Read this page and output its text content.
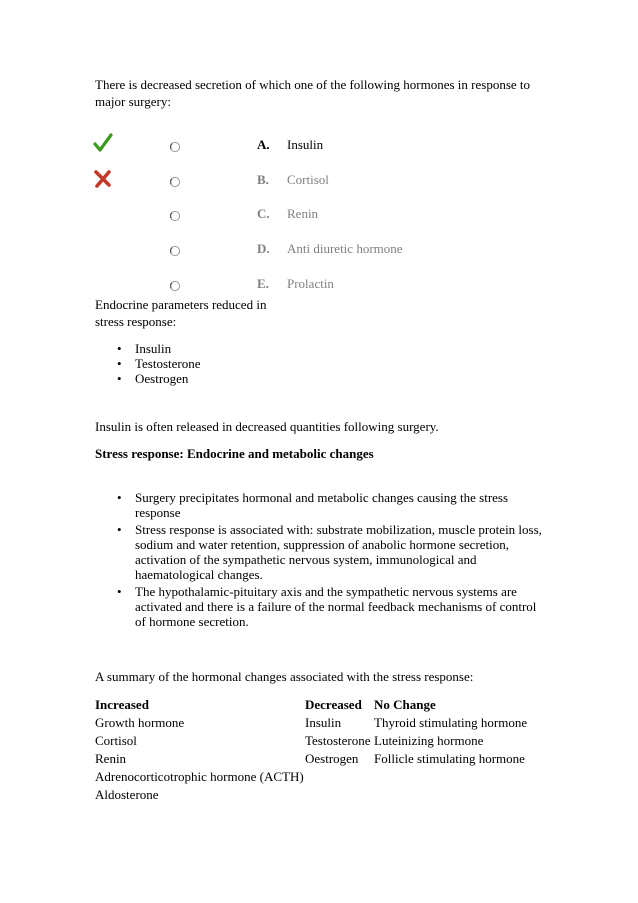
There is decreased secretion of which one of the following hormones in response to major surgery:
A. Insulin
B. Cortisol
C. Renin
D. Anti diuretic hormone
E. Prolactin
Endocrine parameters reduced in stress response:
• Insulin
• Testosterone
• Oestrogen
Insulin is often released in decreased quantities following surgery.
Stress response: Endocrine and metabolic changes
• Surgery precipitates hormonal and metabolic changes causing the stress response
• Stress response is associated with: substrate mobilization, muscle protein loss, sodium and water retention, suppression of anabolic hormone secretion, activation of the sympathetic nervous system, immunological and haematological changes.
• The hypothalamic-pituitary axis and the sympathetic nervous systems are activated and there is a failure of the normal feedback mechanisms of control of hormone secretion.
A summary of the hormonal changes associated with the stress response:
Increased	Decreased No Change
Growth hormone
Cortisol
Renin
Adrenocorticotrophic hormone (ACTH)
Aldosterone
Insulin
Testosterone
Oestrogen
Thyroid stimulating hormone
Luteinizing hormone
Follicle stimulating hormone
